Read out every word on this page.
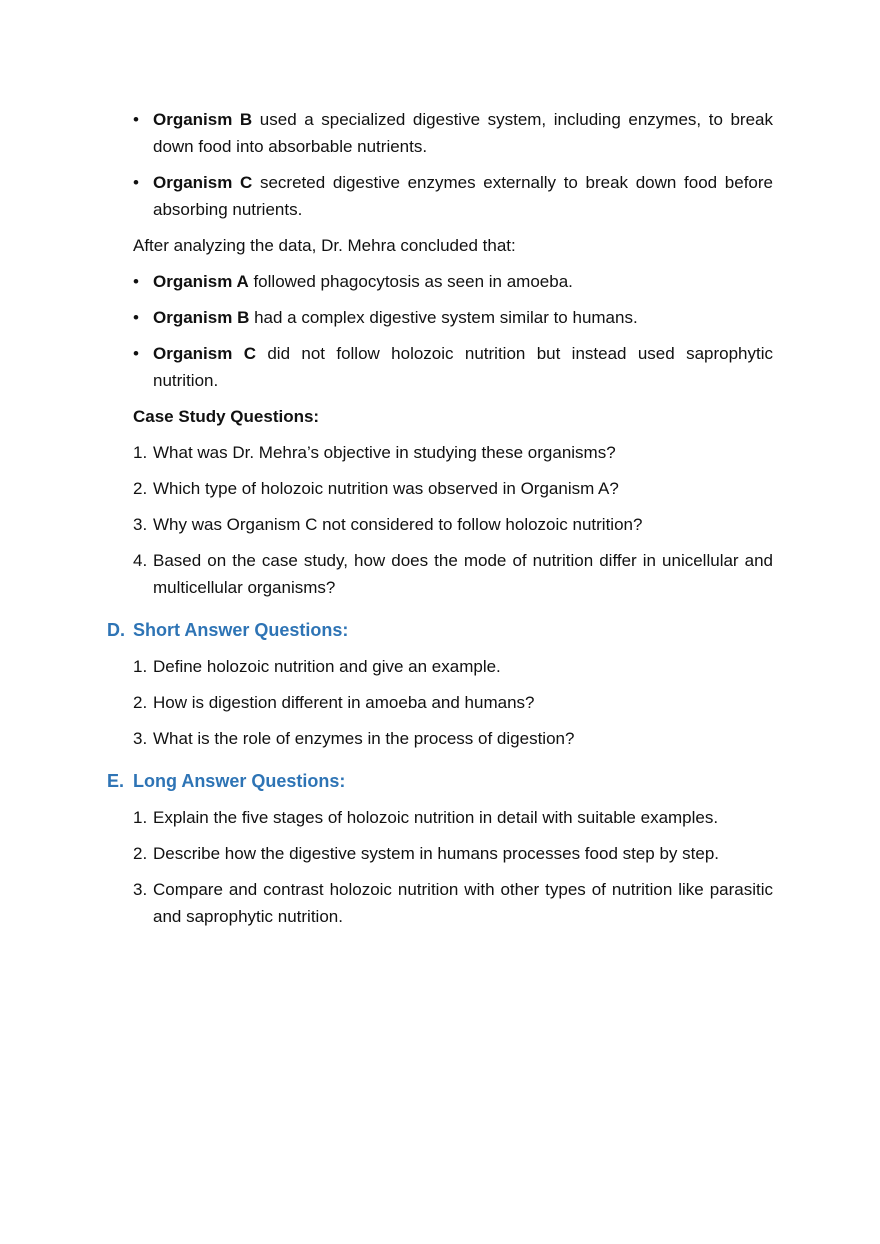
• Organism B used a specialized digestive system, including enzymes, to break down food into absorbable nutrients.

• Organism C secreted digestive enzymes externally to break down food before absorbing nutrients.

After analyzing the data, Dr. Mehra concluded that:

• Organism A followed phagocytosis as seen in amoeba.

• Organism B had a complex digestive system similar to humans.

• Organism C did not follow holozoic nutrition but instead used saprophytic nutrition.

Case Study Questions:

1. What was Dr. Mehra’s objective in studying these organisms?

2. Which type of holozoic nutrition was observed in Organism A?

3. Why was Organism C not considered to follow holozoic nutrition?

4. Based on the case study, how does the mode of nutrition differ in unicellular and multicellular organisms?

D. Short Answer Questions:

1. Define holozoic nutrition and give an example.

2. How is digestion different in amoeba and humans?

3. What is the role of enzymes in the process of digestion?

E. Long Answer Questions:

1. Explain the five stages of holozoic nutrition in detail with suitable examples.

2. Describe how the digestive system in humans processes food step by step.

3. Compare and contrast holozoic nutrition with other types of nutrition like parasitic and saprophytic nutrition.
